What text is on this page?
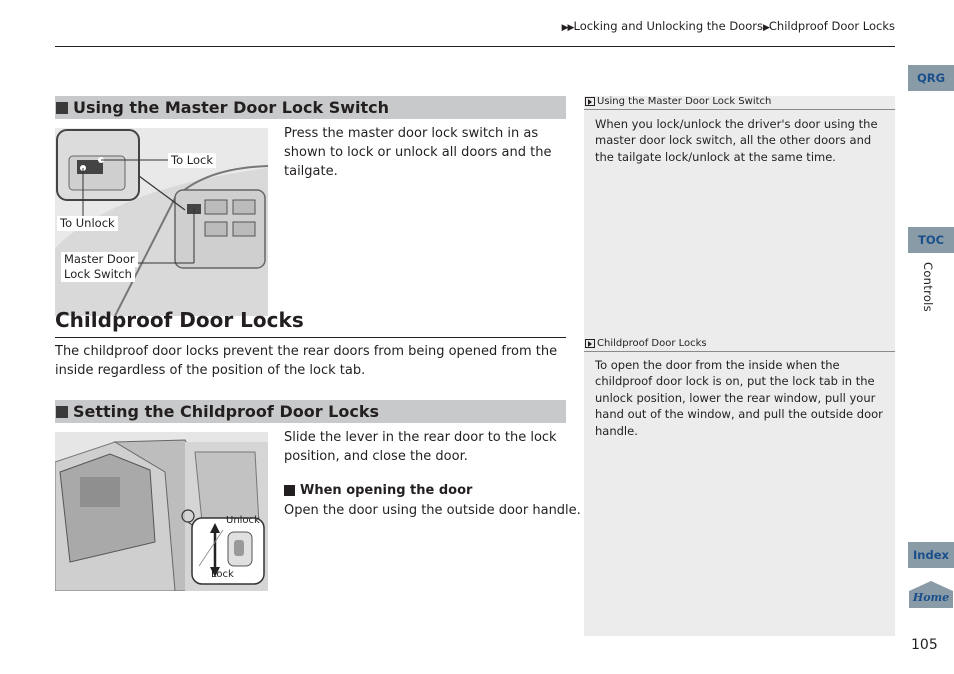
▶▶Locking and Unlocking the Doors▶Childproof Door Locks
QRG
TOC
Controls
Index
Home
Using the Master Door Lock Switch
To Lock
To Unlock
Master Door
Lock Switch
Press the master door lock switch in as shown to lock or unlock all doors and the tailgate.
Childproof Door Locks
The childproof door locks prevent the rear doors from being opened from the inside regardless of the position of the lock tab.
Setting the Childproof Door Locks
Unlock
Lock
Slide the lever in the rear door to the lock position, and close the door.
When opening the door
Open the door using the outside door handle.
Using the Master Door Lock Switch
When you lock/unlock the driver's door using the master door lock switch, all the other doors and the tailgate lock/unlock at the same time.
Childproof Door Locks
To open the door from the inside when the childproof door lock is on, put the lock tab in the unlock position, lower the rear window, pull your hand out of the window, and pull the outside door handle.
105
